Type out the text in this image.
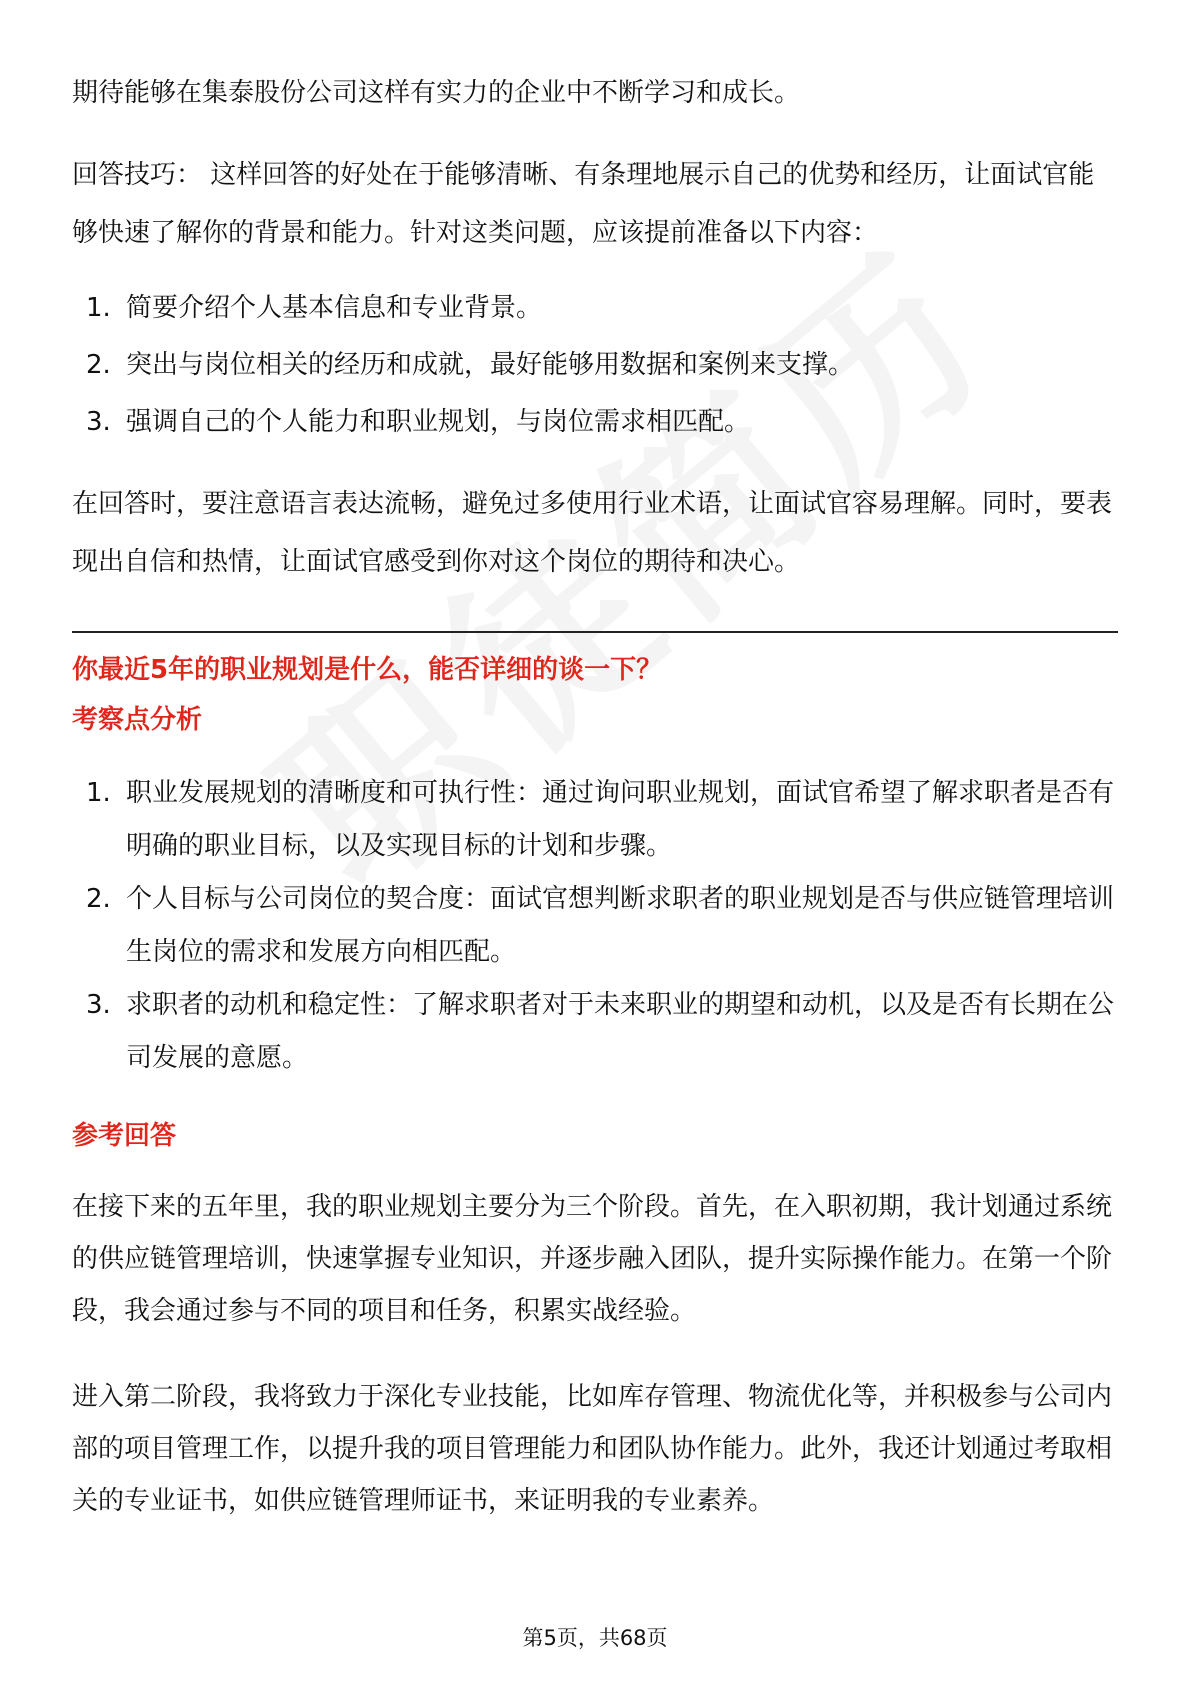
期待能够在集泰股份公司这样有实力的企业中不断学习和成长。

回答技巧： 这样回答的好处在于能够清晰、有条理地展示自己的优势和经历，让面试官能够快速了解你的背景和能力。针对这类问题，应该提前准备以下内容：

1. 简要介绍个人基本信息和专业背景。
2. 突出与岗位相关的经历和成就，最好能够用数据和案例来支撑。
3. 强调自己的个人能力和职业规划，与岗位需求相匹配。

在回答时，要注意语言表达流畅，避免过多使用行业术语，让面试官容易理解。同时，要表现出自信和热情，让面试官感受到你对这个岗位的期待和决心。

你最近5年的职业规划是什么，能否详细的谈一下？

考察点分析

1. 职业发展规划的清晰度和可执行性：通过询问职业规划，面试官希望了解求职者是否有明确的职业目标，以及实现目标的计划和步骤。
2. 个人目标与公司岗位的契合度：面试官想判断求职者的职业规划是否与供应链管理培训生岗位的需求和发展方向相匹配。
3. 求职者的动机和稳定性：了解求职者对于未来职业的期望和动机，以及是否有长期在公司发展的意愿。

参考回答

在接下来的五年里，我的职业规划主要分为三个阶段。首先，在入职初期，我计划通过系统的供应链管理培训，快速掌握专业知识，并逐步融入团队，提升实际操作能力。在第一个阶段，我会通过参与不同的项目和任务，积累实战经验。

进入第二阶段，我将致力于深化专业技能，比如库存管理、物流优化等，并积极参与公司内部的项目管理工作，以提升我的项目管理能力和团队协作能力。此外，我还计划通过考取相关的专业证书，如供应链管理师证书，来证明我的专业素养。

第5页，共68页
